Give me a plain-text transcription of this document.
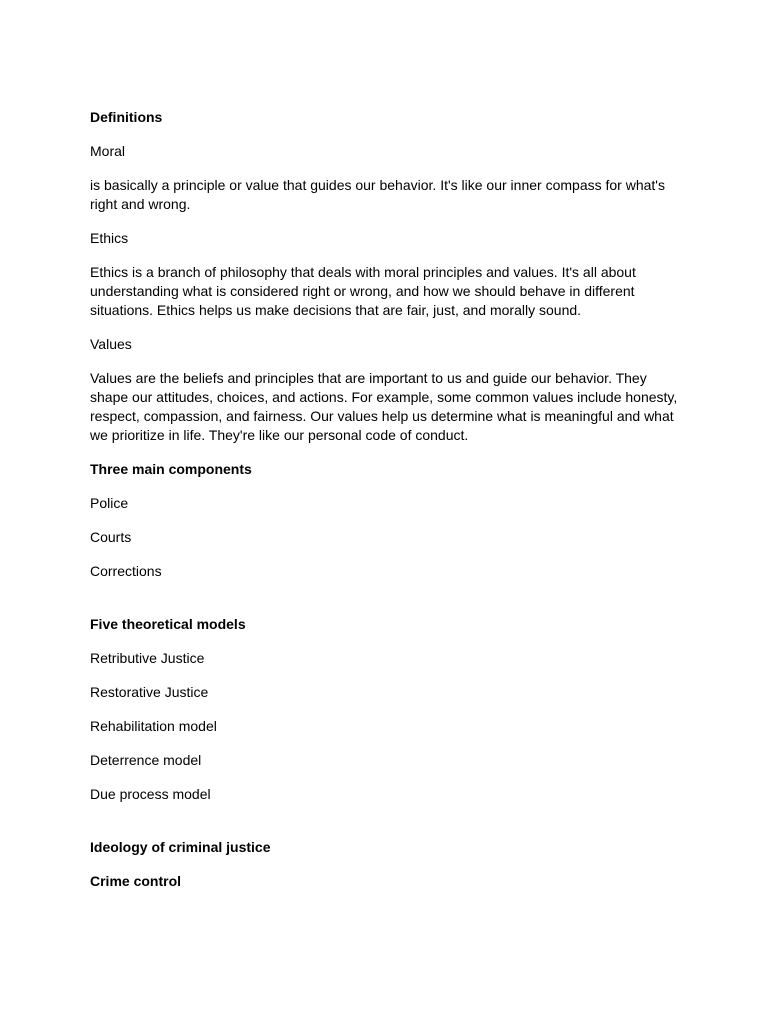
Definitions

Moral

is basically a principle or value that guides our behavior. It's like our inner compass for what's right and wrong.

Ethics

Ethics is a branch of philosophy that deals with moral principles and values. It's all about understanding what is considered right or wrong, and how we should behave in different situations. Ethics helps us make decisions that are fair, just, and morally sound.

Values

Values are the beliefs and principles that are important to us and guide our behavior. They shape our attitudes, choices, and actions. For example, some common values include honesty, respect, compassion, and fairness. Our values help us determine what is meaningful and what we prioritize in life. They're like our personal code of conduct.

Three main components

Police

Courts

Corrections

Five theoretical models

Retributive Justice

Restorative Justice

Rehabilitation model

Deterrence model

Due process model

Ideology of criminal justice

Crime control
